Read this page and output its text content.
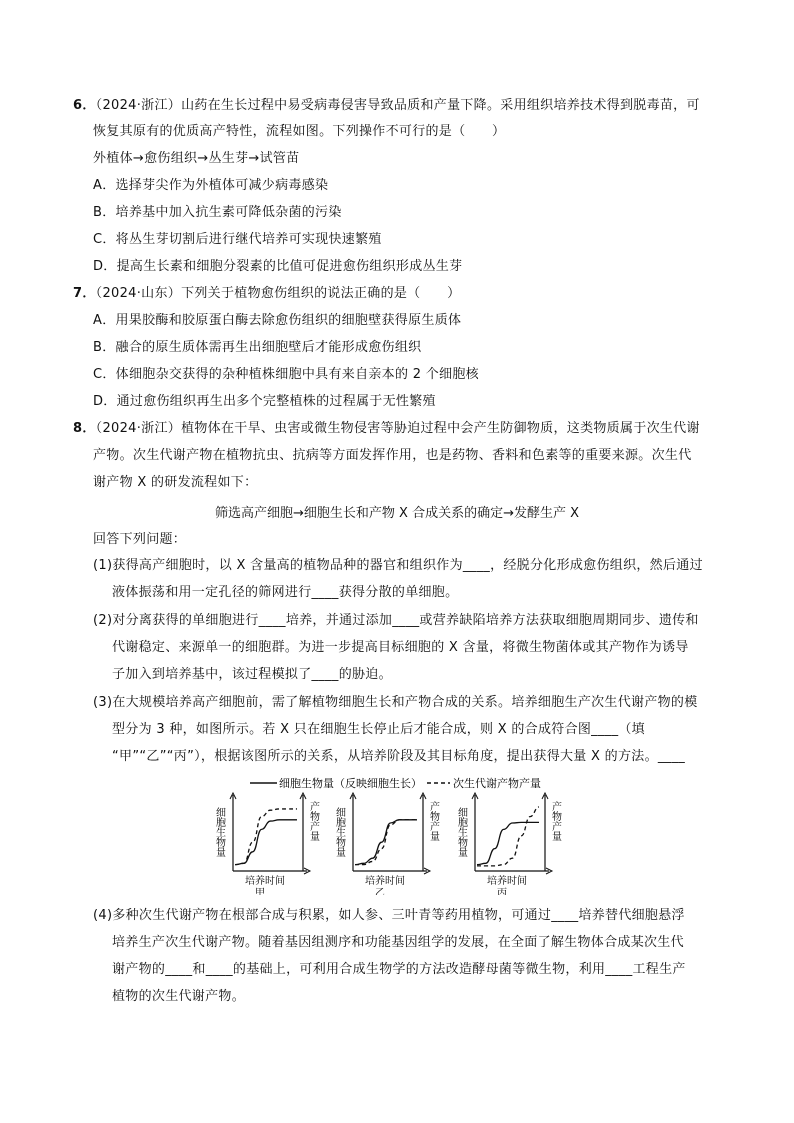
6．（2024·浙江）山药在生长过程中易受病毒侵害导致品质和产量下降。采用组织培养技术得到脱毒苗，可
恢复其原有的优质高产特性，流程如图。下列操作不可行的是（　　）
外植体→愈伤组织→丛生芽→试管苗
A．选择芽尖作为外植体可减少病毒感染
B．培养基中加入抗生素可降低杂菌的污染
C．将丛生芽切割后进行继代培养可实现快速繁殖
D．提高生长素和细胞分裂素的比值可促进愈伤组织形成丛生芽
7．（2024·山东）下列关于植物愈伤组织的说法正确的是（　　）
A．用果胶酶和胶原蛋白酶去除愈伤组织的细胞壁获得原生质体
B．融合的原生质体需再生出细胞壁后才能形成愈伤组织
C．体细胞杂交获得的杂种植株细胞中具有来自亲本的 2 个细胞核
D．通过愈伤组织再生出多个完整植株的过程属于无性繁殖
8．（2024·浙江）植物体在干旱、虫害或微生物侵害等胁迫过程中会产生防御物质，这类物质属于次生代谢
产物。次生代谢产物在植物抗虫、抗病等方面发挥作用，也是药物、香料和色素等的重要来源。次生代
谢产物 X 的研发流程如下：
筛选高产细胞→细胞生长和产物 X 合成关系的确定→发酵生产 X
回答下列问题：
(1)获得高产细胞时，以 X 含量高的植物品种的器官和组织作为____，经脱分化形成愈伤组织，然后通过
液体振荡和用一定孔径的筛网进行____获得分散的单细胞。
(2)对分离获得的单细胞进行____培养，并通过添加____或营养缺陷培养方法获取细胞周期同步、遗传和
代谢稳定、来源单一的细胞群。为进一步提高目标细胞的 X 含量，将微生物菌体或其产物作为诱导
子加入到培养基中，该过程模拟了____的胁迫。
(3)在大规模培养高产细胞前，需了解植物细胞生长和产物合成的关系。培养细胞生产次生代谢产物的模
型分为 3 种，如图所示。若 X 只在细胞生长停止后才能合成，则 X 的合成符合图____（填
“甲”“乙”“丙”），根据该图所示的关系，从培养阶段及其目标角度，提出获得大量 X 的方法。____
细胞生物量（反映细胞生长）	次生代谢产物产量
细胞生物量	产物产量
培养时间
甲
细胞生物量	产物产量
培养时间
乙
细胞生物量	产物产量
培养时间
丙
(4)多种次生代谢产物在根部合成与积累，如人参、三叶青等药用植物，可通过____培养替代细胞悬浮
培养生产次生代谢产物。随着基因组测序和功能基因组学的发展，在全面了解生物体合成某次生代
谢产物的____和____的基础上，可利用合成生物学的方法改造酵母菌等微生物，利用____工程生产
植物的次生代谢产物。
